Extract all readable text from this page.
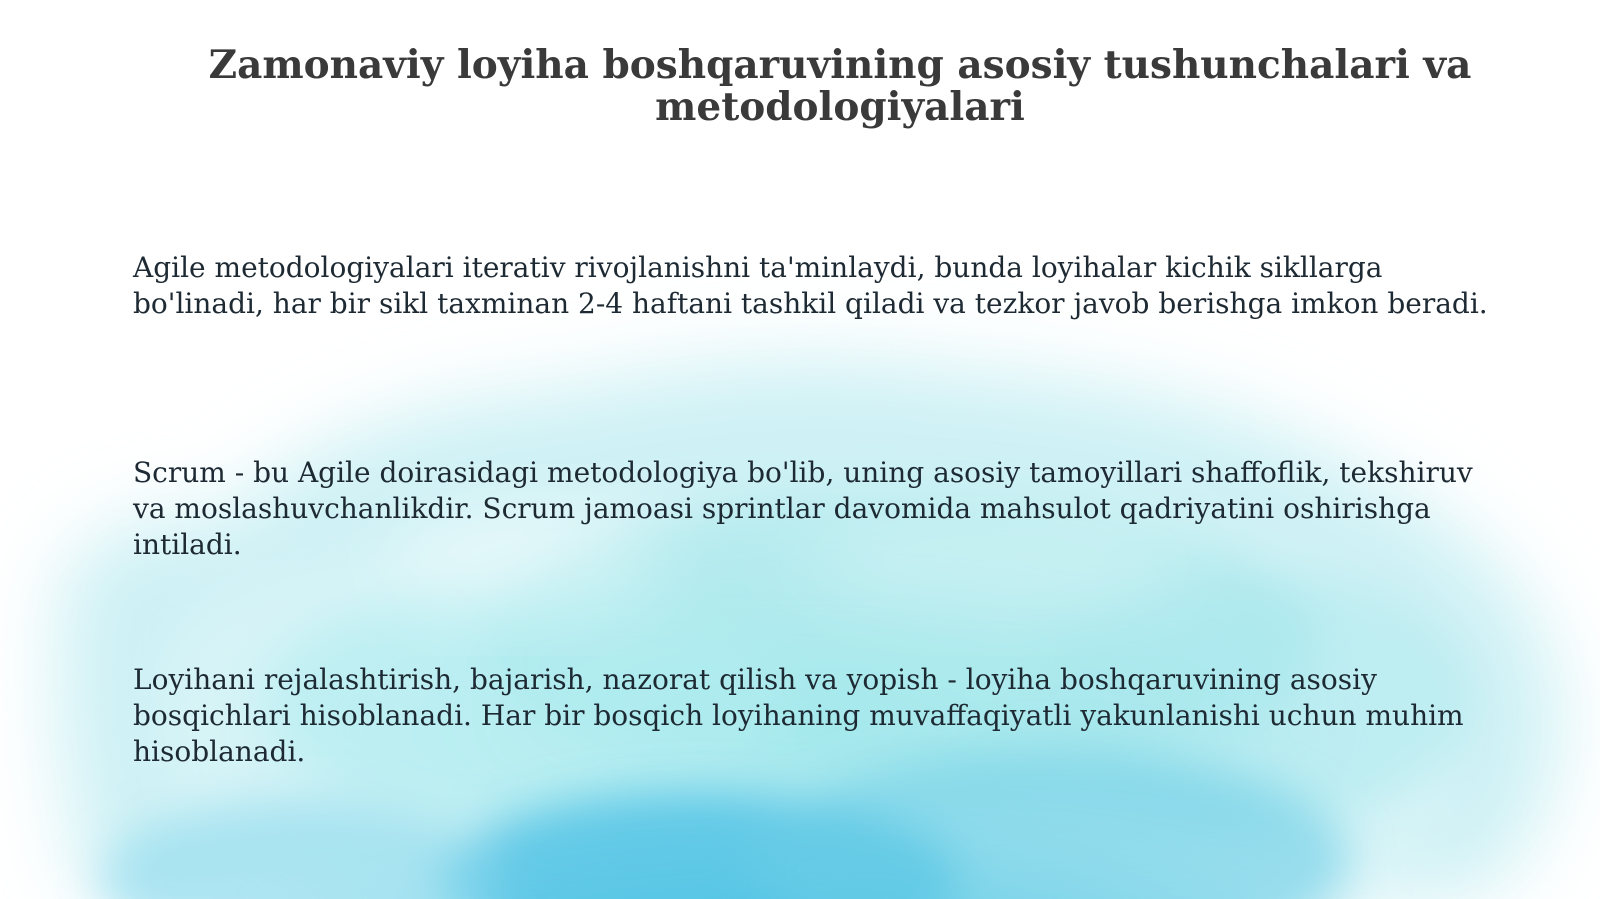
Zamonaviy loyiha boshqaruvining asosiy tushunchalari va metodologiyalari

Agile metodologiyalari iterativ rivojlanishni ta'minlaydi, bunda loyihalar kichik sikllarga bo'linadi, har bir sikl taxminan 2-4 haftani tashkil qiladi va tezkor javob berishga imkon beradi.

Scrum - bu Agile doirasidagi metodologiya bo'lib, uning asosiy tamoyillari shaffoflik, tekshiruv va moslashuvchanlikdir. Scrum jamoasi sprintlar davomida mahsulot qadriyatini oshirishga intiladi.

Loyihani rejalashtirish, bajarish, nazorat qilish va yopish - loyiha boshqaruvining asosiy bosqichlari hisoblanadi. Har bir bosqich loyihaning muvaffaqiyatli yakunlanishi uchun muhim hisoblanadi.
